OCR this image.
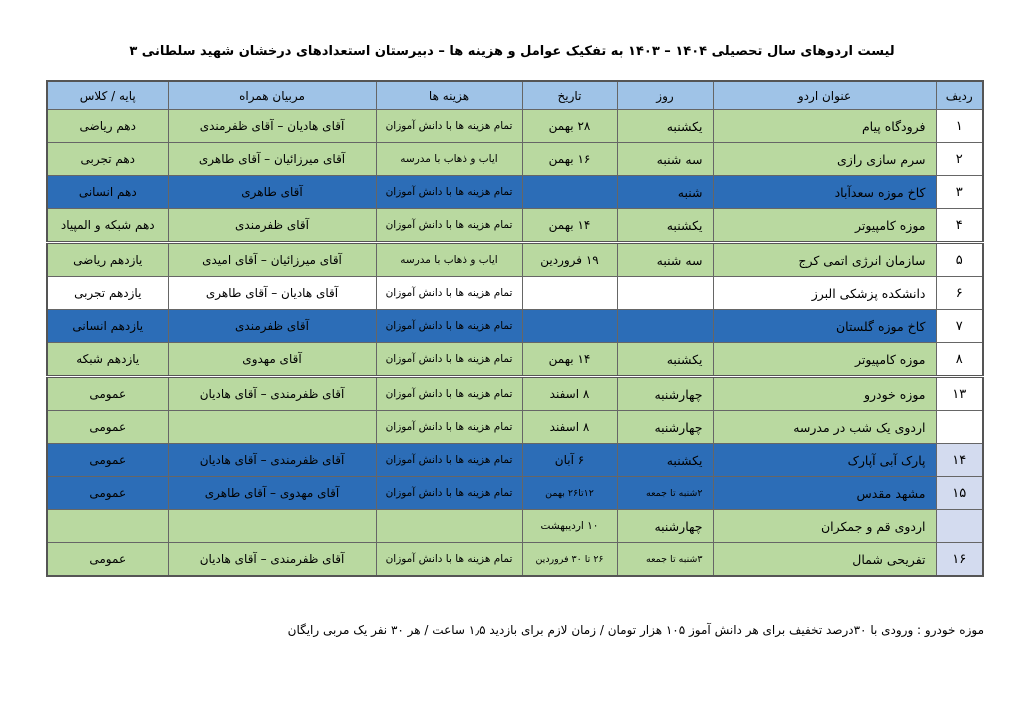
لیست اردوهای سال تحصیلی ۱۴۰۴ – ۱۴۰۳ به تفکیک عوامل و هزینه ها – دبیرستان استعدادهای درخشان شهید سلطانی ۳
ردیف	عنوان اردو	روز	تاریخ	هزینه ها	مربیان همراه	پایه / کلاس
۱	فرودگاه پیام	یکشنبه	۲۸ بهمن	تمام هزینه ها با دانش آموزان	آقای هادیان – آقای ظفرمندی	دهم ریاضی
۲	سرم سازی رازی	سه شنبه	۱۶ بهمن	ایاب و ذهاب با مدرسه	آقای میرزائیان – آقای طاهری	دهم تجربی
۳	کاخ موزه سعدآباد	شنبه		تمام هزینه ها با دانش آموزان	آقای طاهری	دهم انسانی
۴	موزه کامپیوتر	یکشنبه	۱۴ بهمن	تمام هزینه ها با دانش آموزان	آقای ظفرمندی	دهم شبکه و المپیاد
۵	سازمان انرژی اتمی کرج	سه شنبه	۱۹ فروردین	ایاب و ذهاب با مدرسه	آقای میرزائیان – آقای امیدی	یازدهم ریاضی
۶	دانشکده پزشکی البرز			تمام هزینه ها با دانش آموزان	آقای هادیان – آقای طاهری	یازدهم تجربی
۷	کاخ موزه گلستان			تمام هزینه ها با دانش آموزان	آقای ظفرمندی	یازدهم انسانی
۸	موزه کامپیوتر	یکشنبه	۱۴ بهمن	تمام هزینه ها با دانش آموزان	آقای مهدوی	یازدهم شبکه
۱۳	موزه خودرو	چهارشنبه	۸ اسفند	تمام هزینه ها با دانش آموزان	آقای ظفرمندی – آقای هادیان	عمومی
	اردوی یک شب در مدرسه	چهارشنبه	۸ اسفند	تمام هزینه ها با دانش آموزان		عمومی
۱۴	پارک آبی آپارک	یکشنبه	۶ آبان	تمام هزینه ها با دانش آموزان	آقای ظفرمندی – آقای هادیان	عمومی
۱۵	مشهد مقدس	۲شنبه تا جمعه	۱۲تا۲۶ بهمن	تمام هزینه ها با دانش آموزان	آقای مهدوی – آقای طاهری	عمومی
	اردوی قم و جمکران	چهارشنبه	۱۰ اردیبهشت			
۱۶	تفریحی شمال	۳شنبه تا جمعه	۲۶ تا ۳۰ فروردین	تمام هزینه ها با دانش آموزان	آقای ظفرمندی – آقای هادیان	عمومی
موزه خودرو : ورودی با ۳۰درصد تخفیف برای هر دانش آموز ۱۰۵ هزار تومان / زمان لازم برای بازدید ۱٫۵ ساعت / هر ۳۰ نفر یک مربی رایگان
